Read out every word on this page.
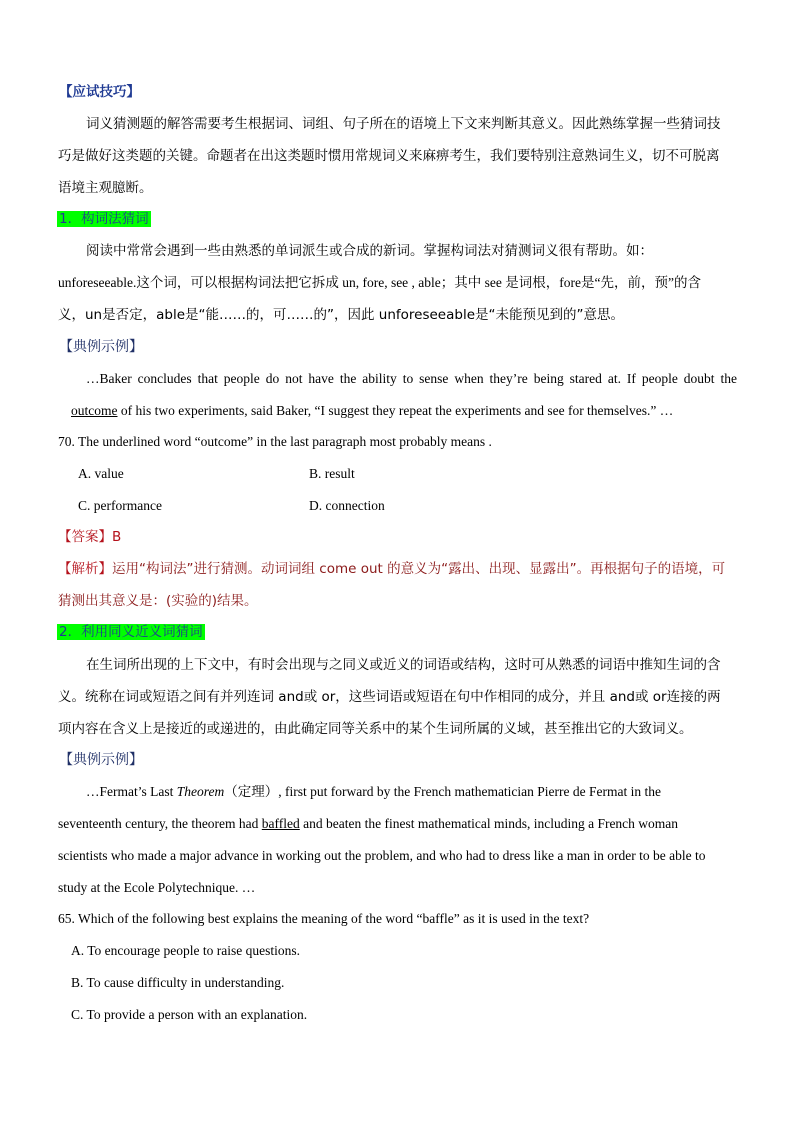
【应试技巧】
词义猜测题的解答需要考生根据词、词组、句子所在的语境上下文来判断其意义。因此熟练掌握一些猜词技
巧是做好这类题的关键。命题者在出这类题时惯用常规词义来麻痹考生，我们要特别注意熟词生义，切不可脱离
语境主观臆断。
1．构词法猜词
阅读中常常会遇到一些由熟悉的单词派生或合成的新词。掌握构词法对猜测词义很有帮助。如：
unforeseeable.这个词，可以根据构词法把它拆成 un, fore, see , able；其中 see 是词根，fore是“先，前，预”的含
义，un是否定，able是“能……的，可……的”，因此 unforeseeable是“未能预见到的”意思。
【典例示例】
…Baker concludes that people do not have the ability to sense when they’re being stared at. If people doubt the
outcome of his two experiments, said Baker, “I suggest they repeat the experiments and see for themselves.” …
70. The underlined word “outcome” in the last paragraph most probably means .
A. value	B. result
C. performance	D. connection
【答案】B
【解析】运用“构词法”进行猜测。动词词组 come out 的意义为“露出、出现、显露出”。再根据句子的语境，可
猜测出其意义是：(实验的)结果。
2．利用同义近义词猜词
在生词所出现的上下文中，有时会出现与之同义或近义的词语或结构，这时可从熟悉的词语中推知生词的含
义。统称在词或短语之间有并列连词 and或 or，这些词语或短语在句中作相同的成分，并且 and或 or连接的两
项内容在含义上是接近的或递进的，由此确定同等关系中的某个生词所属的义域，甚至推出它的大致词义。
【典例示例】
…Fermat’s Last Theorem（定理）, first put forward by the French mathematician Pierre de Fermat in the
seventeenth century, the theorem had baffled and beaten the finest mathematical minds, including a French woman
scientists who made a major advance in working out the problem, and who had to dress like a man in order to be able to
study at the Ecole Polytechnique. …
65. Which of the following best explains the meaning of the word “baffle” as it is used in the text?
A. To encourage people to raise questions.
B. To cause difficulty in understanding.
C. To provide a person with an explanation.
